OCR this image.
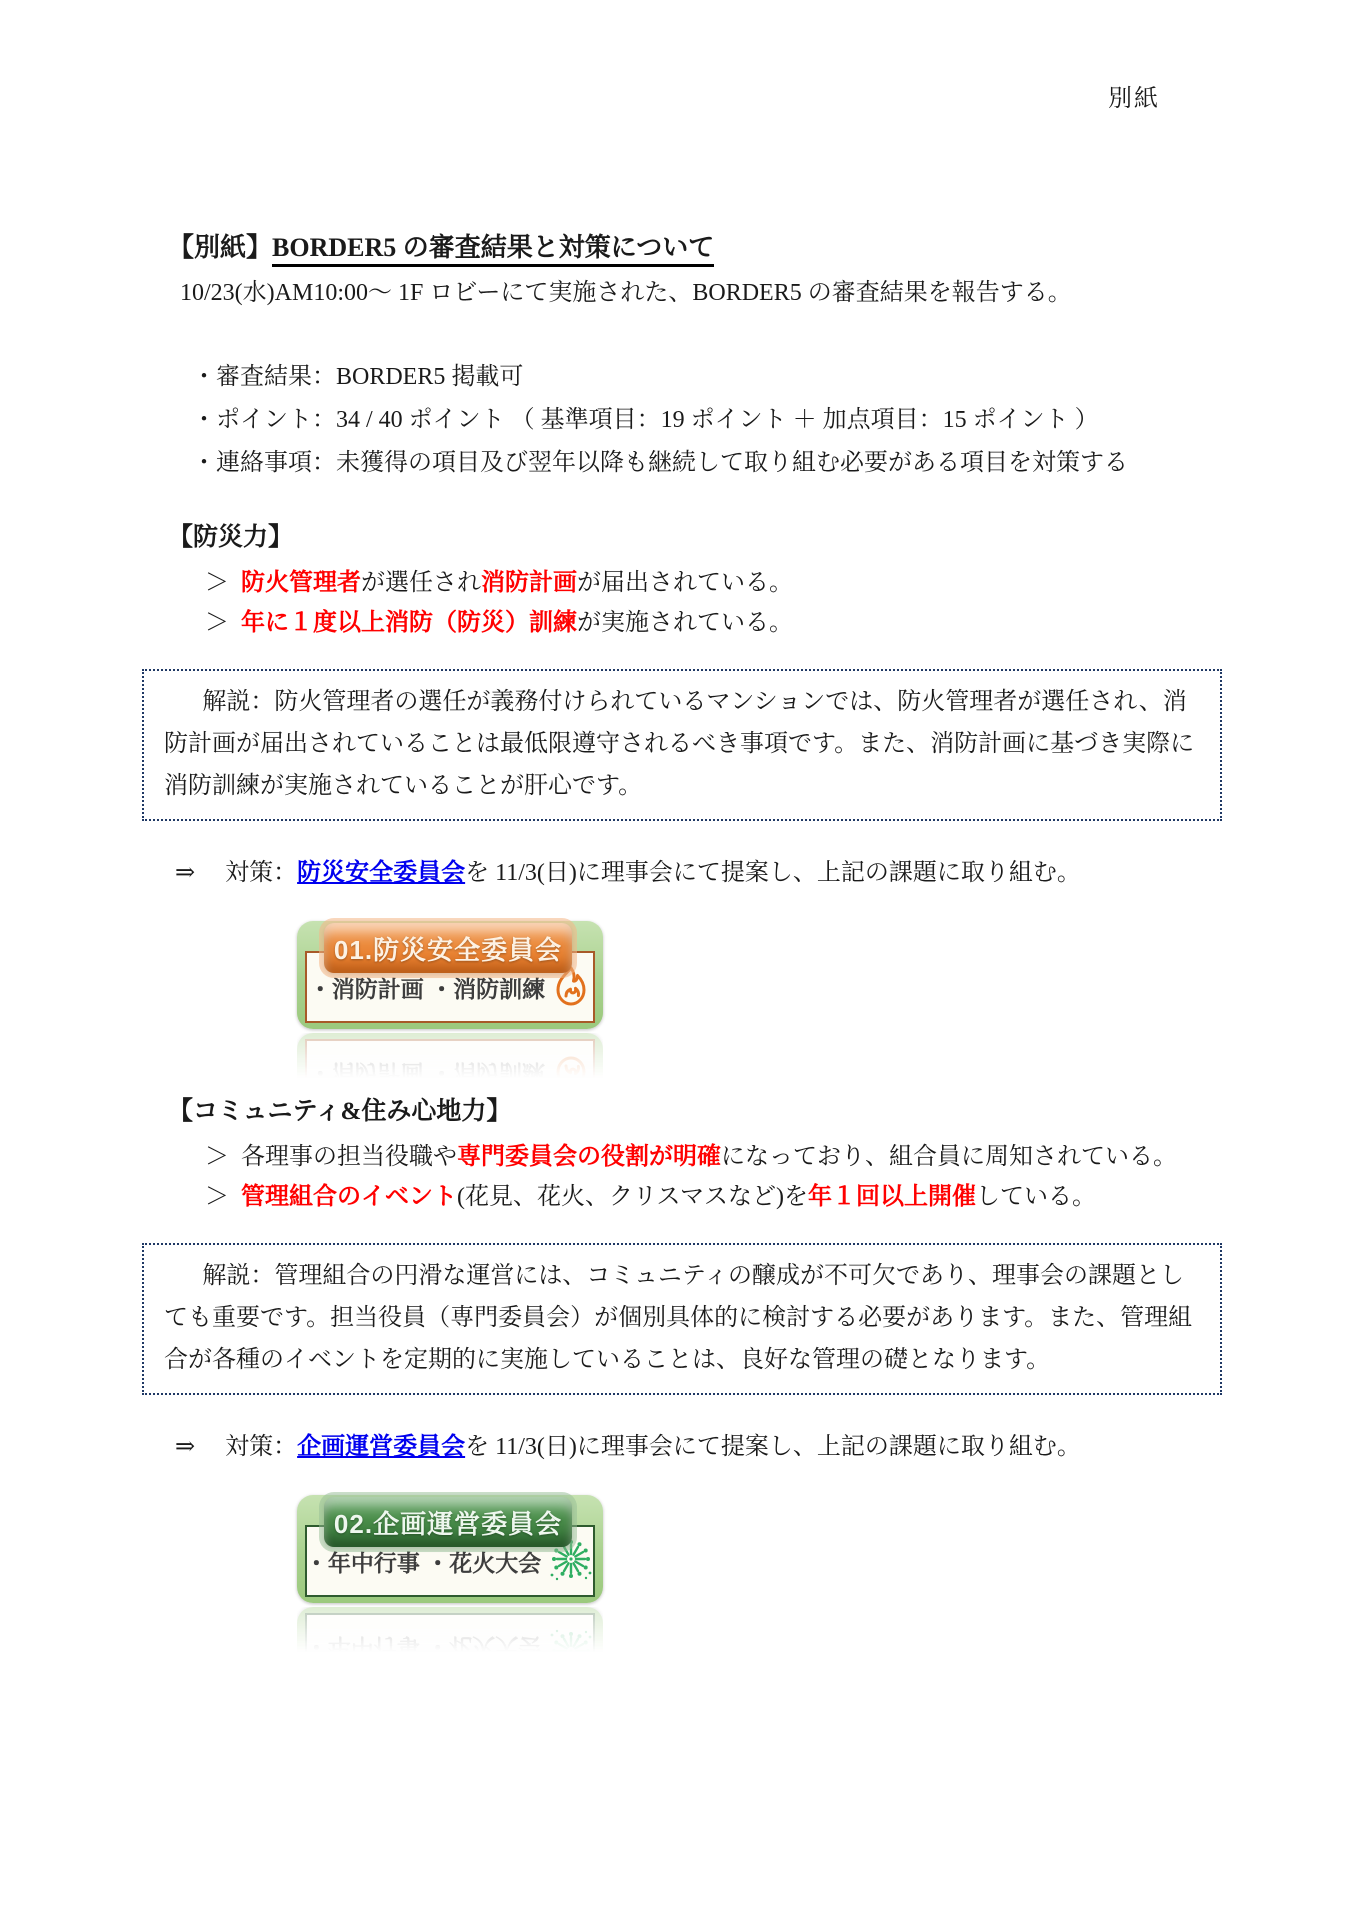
別紙
【別紙】BORDER5 の審査結果と対策について

10/23(水)AM10:00～ 1F ロビーにて実施された、BORDER5 の審査結果を報告する。

・審査結果：BORDER5 掲載可
・ポイント：34 / 40 ポイント （ 基準項目：19 ポイント ＋ 加点項目：15 ポイント ）
・連絡事項：未獲得の項目及び翌年以降も継続して取り組む必要がある項目を対策する
【防災力】

＞ 防火管理者が選任され消防計画が届出されている。

＞ 年に１度以上消防（防災）訓練が実施されている。

解説：防火管理者の選任が義務付けられているマンションでは、防火管理者が選任され、消防計画が届出されていることは最低限遵守されるべき事項です。また、消防計画に基づき実際に消防訓練が実施されていることが肝心です。

⇒ 対策：防災安全委員会を 11/3(日)に理事会にて提案し、上記の課題に取り組む。

・消防計画 ・消防訓練
01.防災安全委員会
【コミュニティ&住み心地力】

＞ 各理事の担当役職や専門委員会の役割が明確になっており、組合員に周知されている。

＞ 管理組合のイベント(花見、花火、クリスマスなど)を年１回以上開催している。

解説：管理組合の円滑な運営には、コミュニティの醸成が不可欠であり、理事会の課題としても重要です。担当役員（専門委員会）が個別具体的に検討する必要があります。また、管理組合が各種のイベントを定期的に実施していることは、良好な管理の礎となります。

⇒ 対策：企画運営委員会を 11/3(日)に理事会にて提案し、上記の課題に取り組む。

・年中行事 ・花火大会
02.企画運営委員会
